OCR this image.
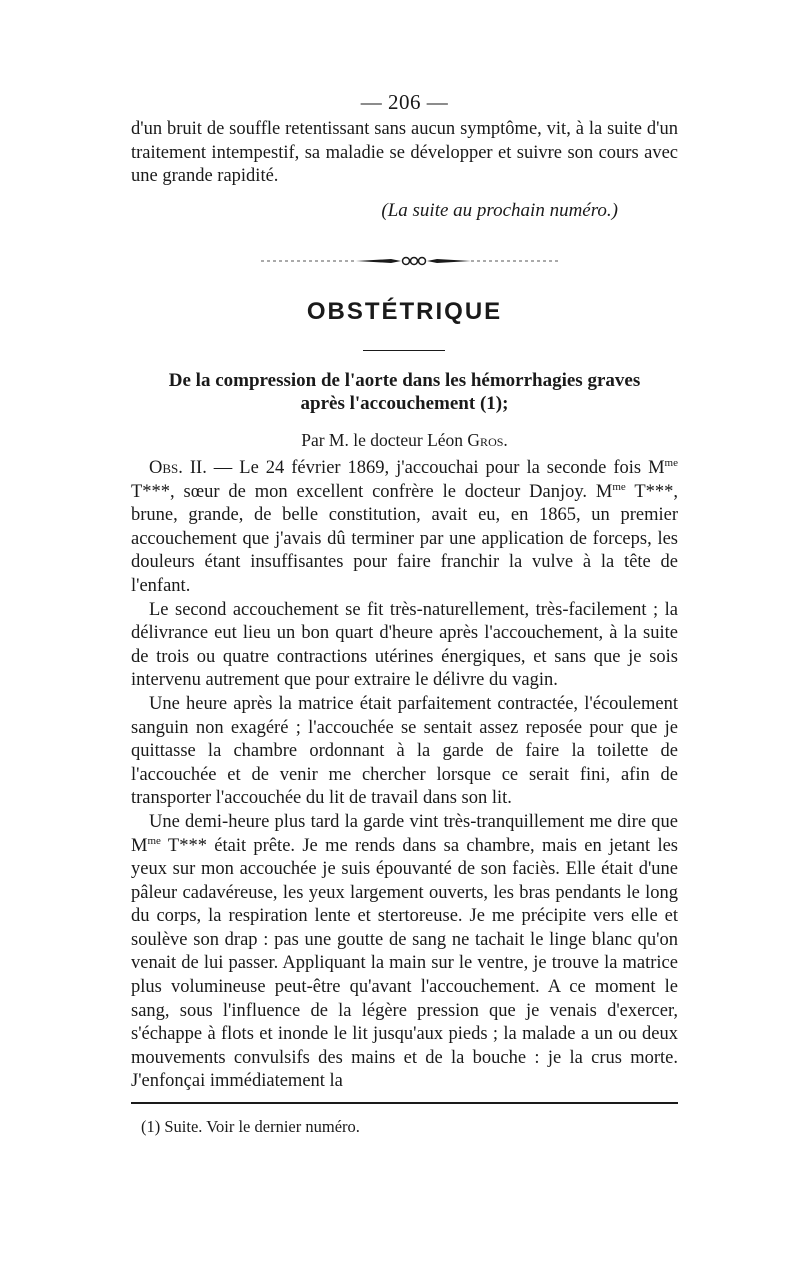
— 206 —

d'un bruit de souffle retentissant sans aucun symptôme, vit, à la suite d'un traitement intempestif, sa maladie se développer et suivre son cours avec une grande rapidité.

(La suite au prochain numéro.)
OBSTÉTRIQUE
De la compression de l'aorte dans les hémorrhagies graves
après l'accouchement (1);
Par M. le docteur Léon Gros.

Obs. II. — Le 24 février 1869, j'accouchai pour la seconde fois $M^{me}$ T***, sœur de mon excellent confrère le docteur Danjoy. $M^{me}$ T***, brune, grande, de belle constitution, avait eu, en 1865, un premier accouchement que j'avais dû terminer par une application de forceps, les douleurs étant insuffisantes pour faire franchir la vulve à la tête de l'enfant.

Le second accouchement se fit très-naturellement, très-facilement ; la délivrance eut lieu un bon quart d'heure après l'accouchement, à la suite de trois ou quatre contractions utérines énergiques, et sans que je sois intervenu autrement que pour extraire le délivre du vagin.

Une heure après la matrice était parfaitement contractée, l'écoulement sanguin non exagéré ; l'accouchée se sentait assez reposée pour que je quittasse la chambre ordonnant à la garde de faire la toilette de l'accouchée et de venir me chercher lorsque ce serait fini, afin de transporter l'accouchée du lit de travail dans son lit.

Une demi-heure plus tard la garde vint très-tranquillement me dire que $M^{me}$ T*** était prête. Je me rends dans sa chambre, mais en jetant les yeux sur mon accouchée je suis épouvanté de son faciès. Elle était d'une pâleur cadavéreuse, les yeux largement ouverts, les bras pendants le long du corps, la respiration lente et stertoreuse. Je me précipite vers elle et soulève son drap : pas une goutte de sang ne tachait le linge blanc qu'on venait de lui passer. Appliquant la main sur le ventre, je trouve la matrice plus volumineuse peut-être qu'avant l'accouchement. A ce moment le sang, sous l'influence de la légère pression que je venais d'exercer, s'échappe à flots et inonde le lit jusqu'aux pieds ; la malade a un ou deux mouvements convulsifs des mains et de la bouche : je la crus morte. J'enfonçai immédiatement la

(1) Suite. Voir le dernier numéro.
